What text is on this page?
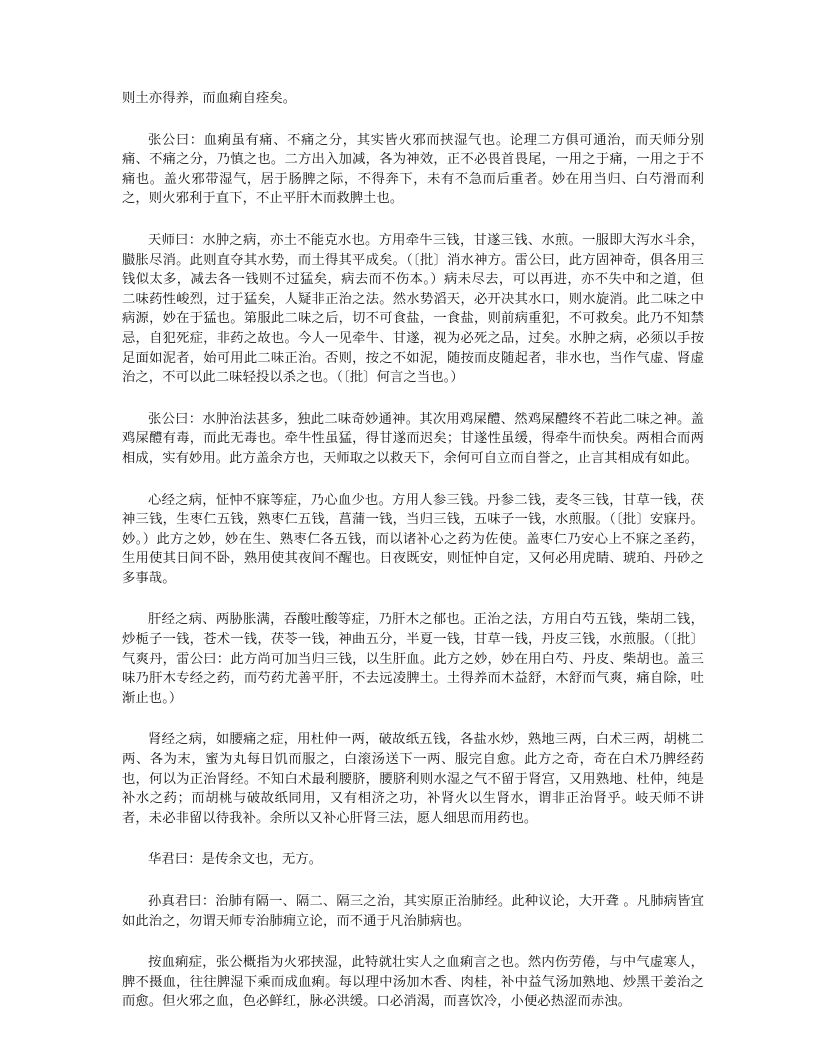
则土亦得养，而血痢自痊矣。

张公曰：血痢虽有痛、不痛之分，其实皆火邪而挟湿气也。论理二方俱可通治，而天师分别痛、不痛之分，乃慎之也。二方出入加减，各为神效，正不必畏首畏尾，一用之于痛，一用之于不痛也。盖火邪带湿气，居于肠脾之际，不得奔下，未有不急而后重者。妙在用当归、白芍滑而利之，则火邪利于直下，不止平肝木而救脾土也。

天师曰：水肿之病，亦土不能克水也。方用牵牛三钱，甘遂三钱、水煎。一服即大泻水斗余，臌胀尽消。此则直夺其水势，而土得其平成矣。（〔批〕消水神方。雷公曰，此方固神奇，俱各用三钱似太多，减去各一钱则不过猛矣，病去而不伤本。）病未尽去，可以再进，亦不失中和之道，但二味药性峻烈，过于猛矣，人疑非正治之法。然水势滔天，必开决其水口，则水旋消。此二味之中病源，妙在于猛也。第服此二味之后，切不可食盐，一食盐，则前病重犯，不可救矣。此乃不知禁忌，自犯死症，非药之故也。今人一见牵牛、甘遂，视为必死之品，过矣。水肿之病，必须以手按足面如泥者，始可用此二味正治。否则，按之不如泥，随按而皮随起者，非水也，当作气虚、肾虚治之，不可以此二味轻投以杀之也。（〔批〕何言之当也。）

张公曰：水肿治法甚多，独此二味奇妙通神。其次用鸡屎醴、然鸡屎醴终不若此二味之神。盖鸡屎醴有毒，而此无毒也。牵牛性虽猛，得甘遂而迟矣；甘遂性虽缓，得牵牛而快矣。两相合而两相成，实有妙用。此方盖余方也，天师取之以救天下，余何可自立而自誉之，止言其相成有如此。

心经之病，怔忡不寐等症，乃心血少也。方用人参三钱。丹参二钱，麦冬三钱，甘草一钱，茯神三钱，生枣仁五钱，熟枣仁五钱，菖蒲一钱，当归三钱，五味子一钱，水煎服。（〔批〕安寐丹。妙。）此方之妙，妙在生、熟枣仁各五钱，而以诸补心之药为佐使。盖枣仁乃安心上不寐之圣药，生用使其日间不卧，熟用使其夜间不醒也。日夜既安，则怔忡自定，又何必用虎睛、琥珀、丹砂之多事哉。

肝经之病、两胁胀满，吞酸吐酸等症，乃肝木之郁也。正治之法，方用白芍五钱，柴胡二钱，炒栀子一钱，苍术一钱，茯苓一钱，神曲五分，半夏一钱，甘草一钱，丹皮三钱，水煎服。（〔批〕气爽丹，雷公曰：此方尚可加当归三钱，以生肝血。此方之妙，妙在用白芍、丹皮、柴胡也。盖三味乃肝木专经之药，而芍药尤善平肝，不去远凌脾土。土得养而木益舒，木舒而气爽，痛自除，吐渐止也。）

肾经之病，如腰痛之症，用杜仲一两，破故纸五钱，各盐水炒，熟地三两，白术三两，胡桃二两、各为末，蜜为丸每日饥而服之，白滚汤送下一两、服完自愈。此方之奇，奇在白术乃脾经药也，何以为正治肾经。不知白术最利腰脐，腰脐利则水湿之气不留于肾宫，又用熟地、杜仲，纯是补水之药；而胡桃与破故纸同用，又有相济之功，补肾火以生肾水，谓非正治肾乎。岐天师不讲者，未必非留以待我补。余所以又补心肝肾三法，愿人细思而用药也。

华君曰：是传余文也，无方。

孙真君曰：治肺有隔一、隔二、隔三之治，其实原正治肺经。此种议论，大开聋 。凡肺病皆宜如此治之，勿谓天师专治肺痈立论，而不通于凡治肺病也。

按血痢症，张公概指为火邪挟湿，此特就壮实人之血痢言之也。然内伤劳倦，与中气虚寒人，脾不摄血，往往脾湿下乘而成血痢。每以理中汤加木香、肉桂，补中益气汤加熟地、炒黑干姜治之而愈。但火邪之血，色必鲜红，脉必洪缓。口必消渴，而喜饮冷，小便必热涩而赤浊。
